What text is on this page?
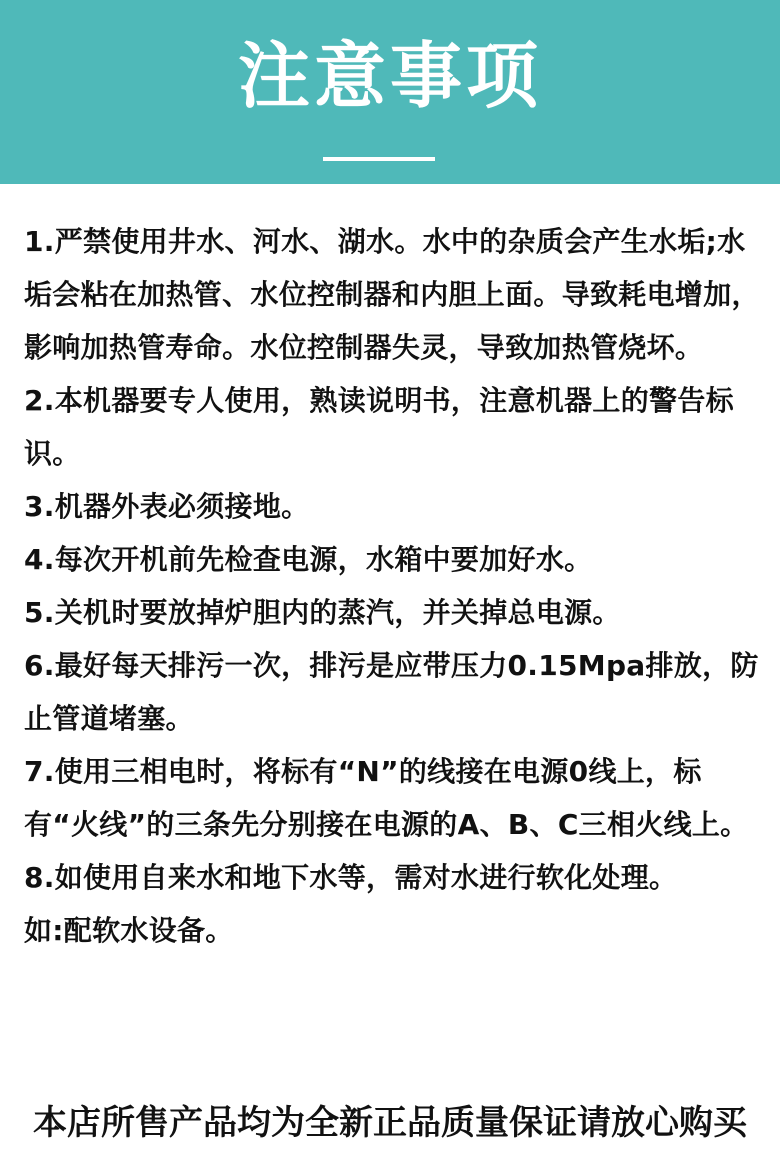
注意事项

1.严禁使用井水、河水、湖水。水中的杂质会产生水垢;水垢会粘在加热管、水位控制器和内胆上面。导致耗电增加，影响加热管寿命。水位控制器失灵，导致加热管烧坏。

2.本机器要专人使用，熟读说明书，注意机器上的警告标识。

3.机器外表必须接地。

4.每次开机前先检查电源，水箱中要加好水。

5.关机时要放掉炉胆内的蒸汽，并关掉总电源。

6.最好每天排污一次，排污是应带压力0.15Mpa排放，防止管道堵塞。

7.使用三相电时，将标有“N”的线接在电源0线上，标有“火线”的三条先分别接在电源的A、B、C三相火线上。

8.如使用自来水和地下水等，需对水进行软化处理。

如:配软水设备。

本店所售产品均为全新正品质量保证请放心购买
